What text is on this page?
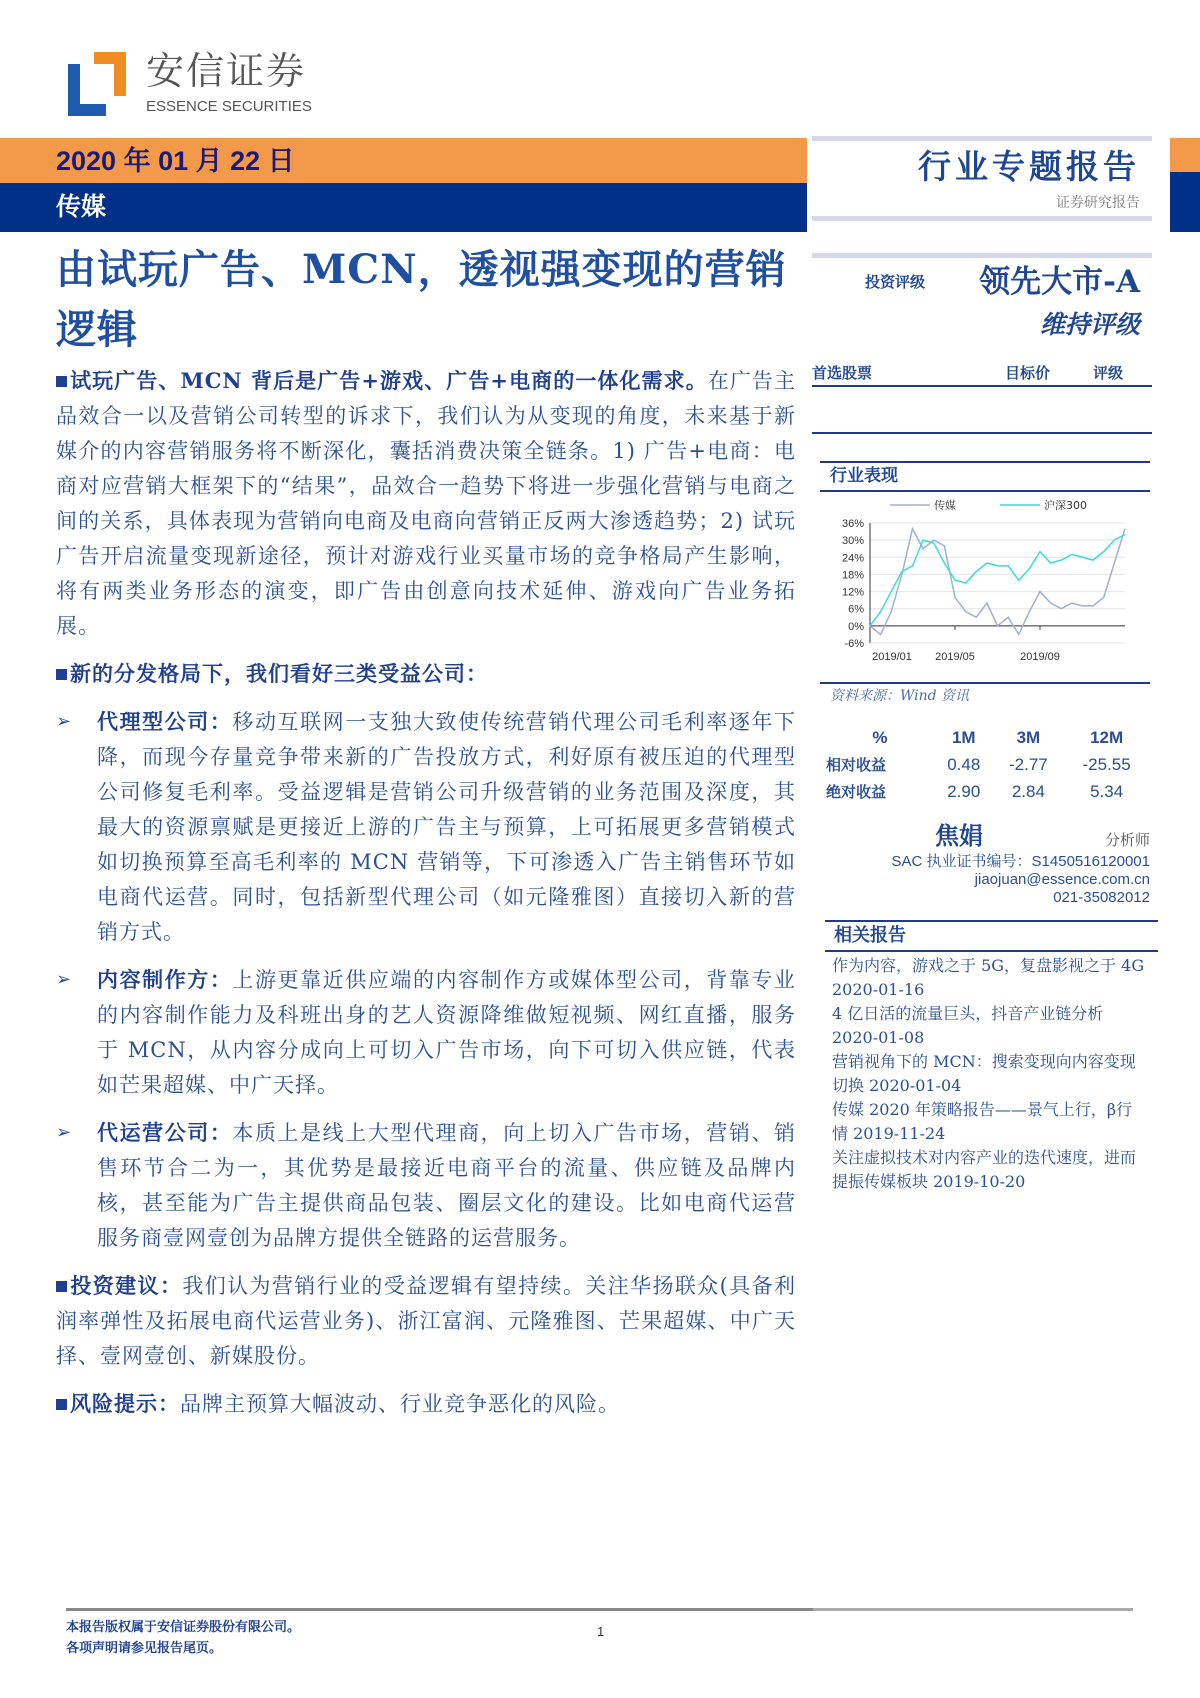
安信证券
ESSENCE SECURITIES
2020 年 01 月 22 日
传媒
行业专题报告
证券研究报告
由试玩广告、MCN，透视强变现的营销逻辑
投资评级 领先大市-A
维持评级
首选股票	目标价	评级
行业表现
36%
30%
24%
18%
12%
6%
0%
-6%
2019/01 2019/05	2019/09
传媒	沪深300
资料来源：Wind 资讯
%	1M	3M	12M
相对收益	0.48	-2.77	-25.55
绝对收益	2.90	2.84	5.34
焦娟	分析师
SAC 执业证书编号：S1450516120001
jiaojuan@essence.com.cn
021-35082012
相关报告
作为内容，游戏之于 5G，复盘影视之于 4G 2020-01-16
4 亿日活的流量巨头，抖音产业链分析 2020-01-08
营销视角下的 MCN：搜索变现向内容变现切换 2020-01-04
传媒 2020 年策略报告——景气上行，β行情 2019-11-24
关注虚拟技术对内容产业的迭代速度，进而提振传媒板块 2019-10-20

试玩广告、MCN 背后是广告+游戏、广告+电商的一体化需求。在广告主品效合一以及营销公司转型的诉求下，我们认为从变现的角度，未来基于新媒介的内容营销服务将不断深化，囊括消费决策全链条。1) 广告+电商：电商对应营销大框架下的“结果”，品效合一趋势下将进一步强化营销与电商之间的关系，具体表现为营销向电商及电商向营销正反两大渗透趋势；2) 试玩广告开启流量变现新途径，预计对游戏行业买量市场的竞争格局产生影响，将有两类业务形态的演变，即广告由创意向技术延伸、游戏向广告业务拓展。

新的分发格局下，我们看好三类受益公司：

➢ 代理型公司：移动互联网一支独大致使传统营销代理公司毛利率逐年下降，而现今存量竞争带来新的广告投放方式，利好原有被压迫的代理型公司修复毛利率。受益逻辑是营销公司升级营销的业务范围及深度，其最大的资源禀赋是更接近上游的广告主与预算，上可拓展更多营销模式如切换预算至高毛利率的 MCN 营销等，下可渗透入广告主销售环节如电商代运营。同时，包括新型代理公司（如元隆雅图）直接切入新的营销方式。

➢ 内容制作方：上游更靠近供应端的内容制作方或媒体型公司，背靠专业的内容制作能力及科班出身的艺人资源降维做短视频、网红直播，服务于 MCN，从内容分成向上可切入广告市场，向下可切入供应链，代表如芒果超媒、中广天择。

➢ 代运营公司：本质上是线上大型代理商，向上切入广告市场，营销、销售环节合二为一，其优势是最接近电商平台的流量、供应链及品牌内核，甚至能为广告主提供商品包装、圈层文化的建设。比如电商代运营服务商壹网壹创为品牌方提供全链路的运营服务。

投资建议：我们认为营销行业的受益逻辑有望持续。关注华扬联众(具备利润率弹性及拓展电商代运营业务)、浙江富润、元隆雅图、芒果超媒、中广天择、壹网壹创、新媒股份。

风险提示：品牌主预算大幅波动、行业竞争恶化的风险。

本报告版权属于安信证券股份有限公司。
各项声明请参见报告尾页。
1
